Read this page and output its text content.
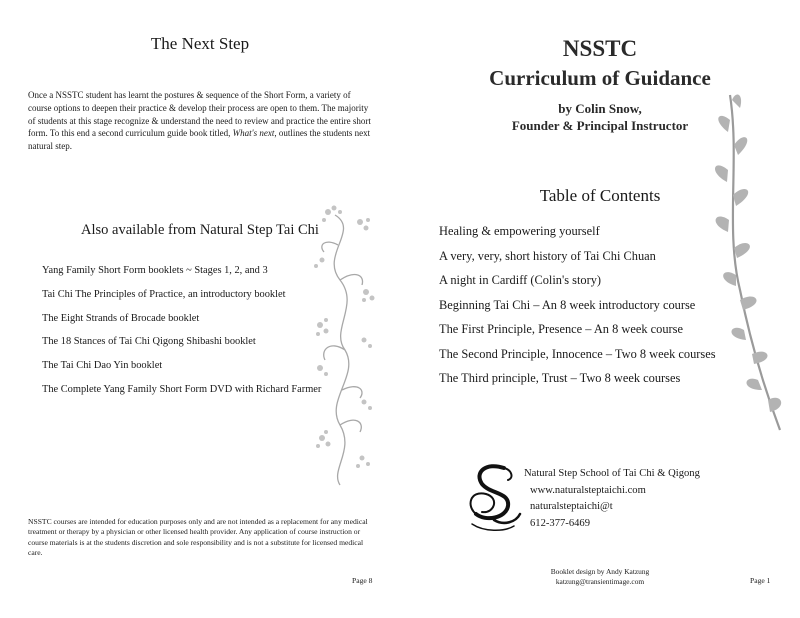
The Next Step

Once a NSSTC student has learnt the postures & sequence of the Short Form, a variety of course options to deepen their practice & develop their process are open to them. The majority of students at this stage recognize & understand the need to review and practice the entire short form. To this end a second curriculum guide book titled, What's next, outlines the students next natural step.

Also available from Natural Step Tai Chi
Yang Family Short Form booklets ~ Stages 1, 2, and 3
Tai Chi The Principles of Practice, an introductory booklet
The Eight Strands of Brocade booklet
The 18 Stances of Tai Chi Qigong Shibashi booklet
The Tai Chi Dao Yin booklet
The Complete Yang Family Short Form DVD with Richard Farmer

NSSTC courses are intended for education purposes only and are not intended as a replacement for any medical treatment or therapy by a physician or other licensed health provider. Any application of course instruction or course materials is at the students discretion and sole responsibility and is not a substitute for licensed medical care.

Page 8
NSSTC
Curriculum of Guidance
by Colin Snow,
Founder & Principal Instructor
Table of Contents
Healing & empowering yourself
A very, very, short history of Tai Chi Chuan
A night in Cardiff (Colin's story)
Beginning Tai Chi – An 8 week introductory course
The First Principle, Presence – An 8 week course
The Second Principle, Innocence – Two 8 week courses
The Third principle, Trust – Two 8 week courses
Natural Step School of Tai Chi & Qigong
www.naturalsteptaichi.com
naturalsteptaichi@t
612-377-6469
Booklet design by Andy Katzung
katzung@transientimage.com	Page 1
